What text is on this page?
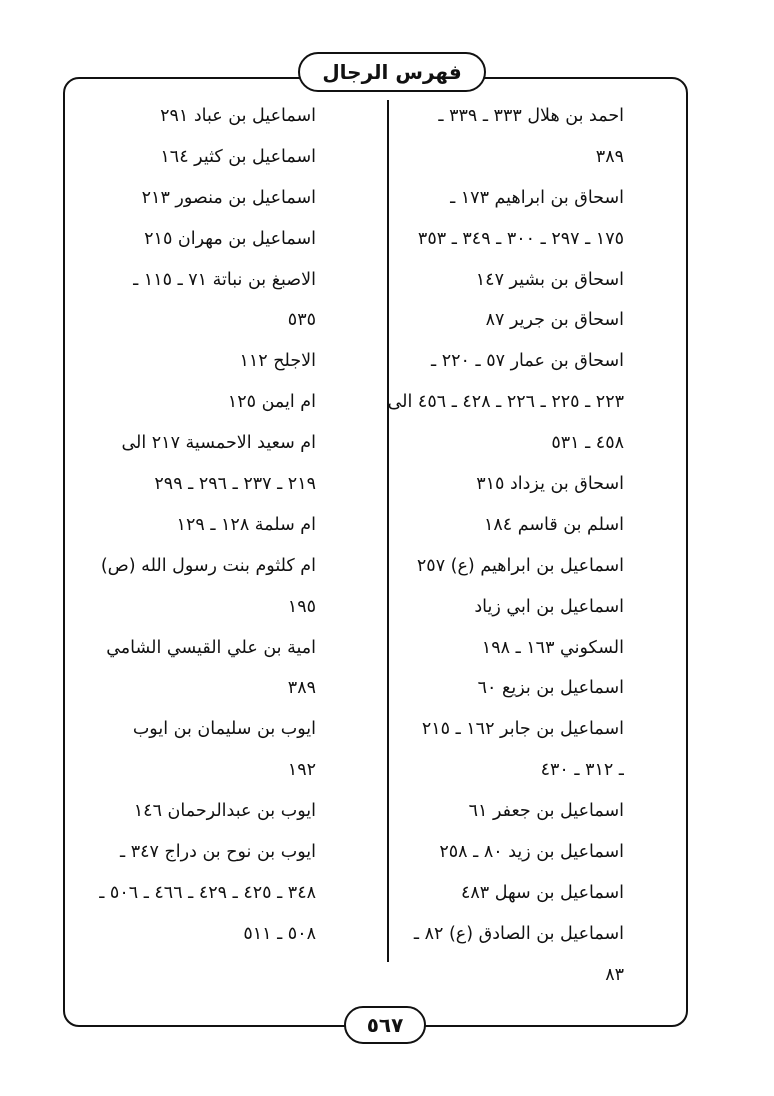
فهرس الرجال
احمد بن هلال ٣٣٣ ـ ٣٣٩ ـ
٣٨٩
اسحاق بن ابراهيم ١٧٣ ـ
١٧٥ ـ ٢٩٧ ـ ٣٠٠ ـ ٣٤٩ ـ ٣٥٣
اسحاق بن بشير ١٤٧
اسحاق بن جرير ٨٧
اسحاق بن عمار ٥٧ ـ ٢٢٠ ـ
٢٢٣ ـ ٢٢٥ ـ ٢٢٦ ـ ٤٢٨ ـ ٤٥٦ الى
٤٥٨ ـ ٥٣١
اسحاق بن يزداد ٣١٥
اسلم بن قاسم ١٨٤
اسماعيل بن ابراهيم (ع) ٢٥٧
اسماعيل بن ابي زياد
السكوني ١٦٣ ـ ١٩٨
اسماعيل بن بزيع ٦٠
اسماعيل بن جابر ١٦٢ ـ ٢١٥
ـ ٣١٢ ـ ٤٣٠
اسماعيل بن جعفر ٦١
اسماعيل بن زيد ٨٠ ـ ٢٥٨
اسماعيل بن سهل ٤٨٣
اسماعيل بن الصادق (ع) ٨٢ ـ
٨٣
اسماعيل بن عباد ٢٩١
اسماعيل بن كثير ١٦٤
اسماعيل بن منصور ٢١٣
اسماعيل بن مهران ٢١٥
الاصبغ بن نباتة ٧١ ـ ١١٥ ـ
٥٣٥
الاجلح ١١٢
ام ايمن ١٢٥
ام سعيد الاحمسية ٢١٧ الى
٢١٩ ـ ٢٣٧ ـ ٢٩٦ ـ ٢٩٩
ام سلمة ١٢٨ ـ ١٢٩
ام كلثوم بنت رسول الله (ص)
١٩٥
امية بن علي القيسي الشامي
٣٨٩
ايوب بن سليمان بن ايوب
١٩٢
ايوب بن عبدالرحمان ١٤٦
ايوب بن نوح بن دراج ٣٤٧ ـ
٣٤٨ ـ ٤٢٥ ـ ٤٢٩ ـ ٤٦٦ ـ ٥٠٦ ـ
٥٠٨ ـ ٥١١
٥٦٧
